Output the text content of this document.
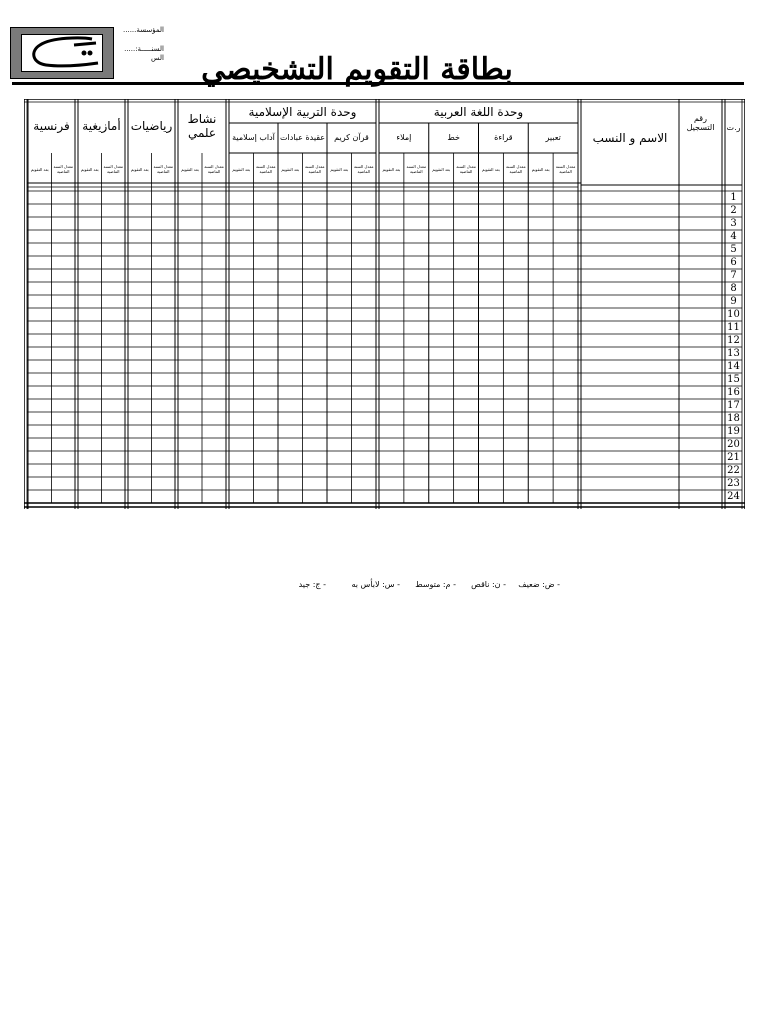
المؤسسة......
السنـــــة:.....
الس	بطاقة التقويم التشخيصي
وحدة اللغة العربية
تعبير
قراءة
خط
إملاء
معدل السنة الماضية
بعد التقويم
معدل السنة الماضية
بعد التقويم
معدل السنة الماضية
بعد التقويم
معدل السنة الماضية
بعد التقويم
وحدة التربية الإسلامية
قرآن كريم
عقيدة عبادات
آداب إسلامية
معدل السنة الماضية
بعد التقويم
معدل السنة الماضية
بعد التقويم
معدل السنة الماضية
بعد التقويم
نشاط علمي
معدل السنة الماضية
بعد التقويم
رياضيات
معدل السنة الماضية
بعد التقويم
أمازيغية
معدل السنة الماضية
بعد التقويم
فرنسية
معدل السنة الماضية
بعد التقويم
ر.ت
رقم التسجيل
الاسم و النسب
1
2
3
4
5
6
7
8
9
10
11
12
13
14
15
16
17
18
19
20
21
22
23
24
- ض: ضعيف
- ن: ناقص
- م: متوسط
- س: لابأس به
- ج: جيد
